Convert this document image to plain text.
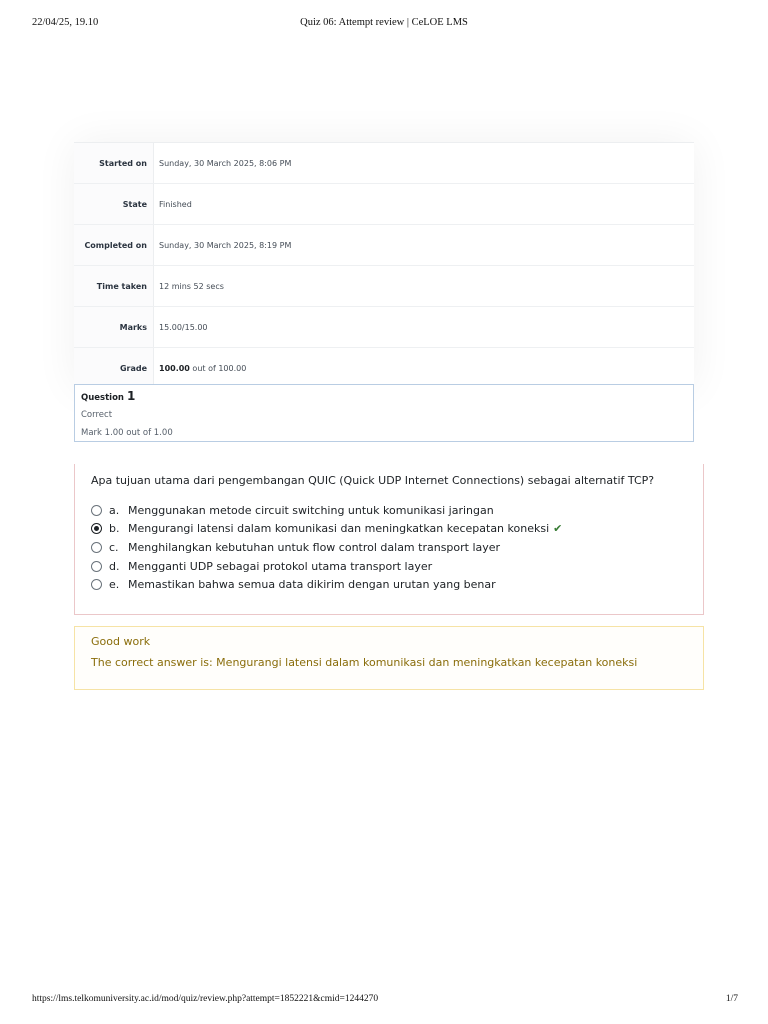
22/04/25, 19.10	Quiz 06: Attempt review | CeLOE LMS
Started on	Sunday, 30 March 2025, 8:06 PM
State	Finished
Completed on	Sunday, 30 March 2025, 8:19 PM
Time taken	12 mins 52 secs
Marks	15.00/15.00
Grade	100.00 out of 100.00
Question 1
Correct
Mark 1.00 out of 1.00
Apa tujuan utama dari pengembangan QUIC (Quick UDP Internet Connections) sebagai alternatif TCP?
a. Menggunakan metode circuit switching untuk komunikasi jaringan
b. Mengurangi latensi dalam komunikasi dan meningkatkan kecepatan koneksi ✔
c. Menghilangkan kebutuhan untuk flow control dalam transport layer
d. Mengganti UDP sebagai protokol utama transport layer
e. Memastikan bahwa semua data dikirim dengan urutan yang benar
Good work
The correct answer is: Mengurangi latensi dalam komunikasi dan meningkatkan kecepatan koneksi
https://lms.telkomuniversity.ac.id/mod/quiz/review.php?attempt=1852221&cmid=1244270	1/7
